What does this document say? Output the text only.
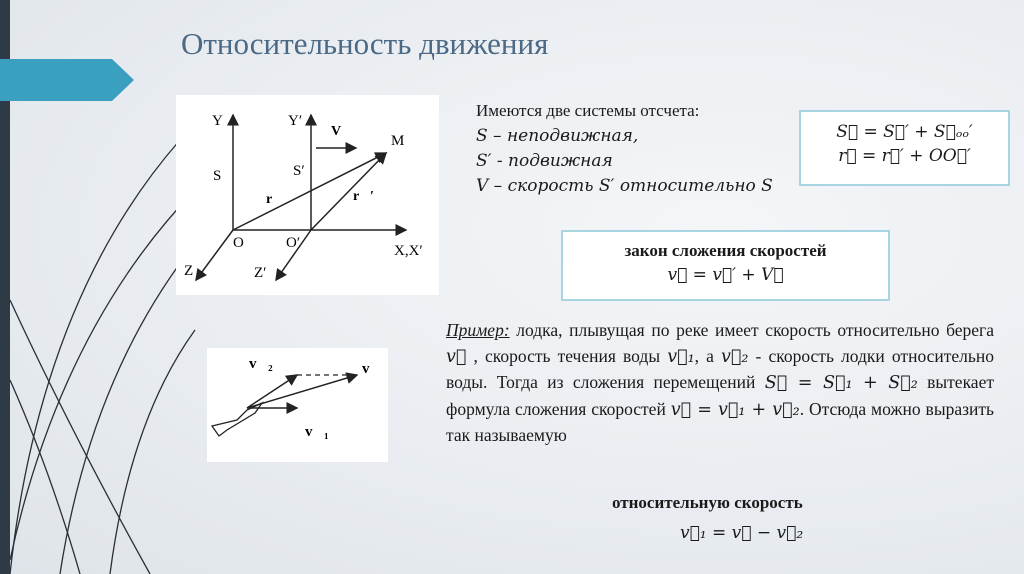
Относительность движения
Y	Y′
V⃗
M
S	S′
r⃗	r⃗′
O	O′	X,X′
Z	Z′
Имеются две системы отсчета:
S – неподвижная,
S′ - подвижная
V – скорость S′ относительно S
S⃗ = S⃗′ + S⃗ₒₒ′
r⃗ = r⃗′ + OO⃗′
закон сложения скоростей
v⃗ = v⃗′ + V⃗
v⃗₂	v⃗
v⃗₁
Пример: лодка, плывущая по реке имеет скорость относительно берега v⃗ , скорость течения воды v⃗₁, а v⃗₂ - скорость лодки относительно воды. Тогда из сложения перемещений S⃗ = S⃗₁ + S⃗₂ вытекает формула сложения скоростей v⃗ = v⃗₁ + v⃗₂. Отсюда можно выразить так называемую
относительную скорость
v⃗₁ = v⃗ − v⃗₂
